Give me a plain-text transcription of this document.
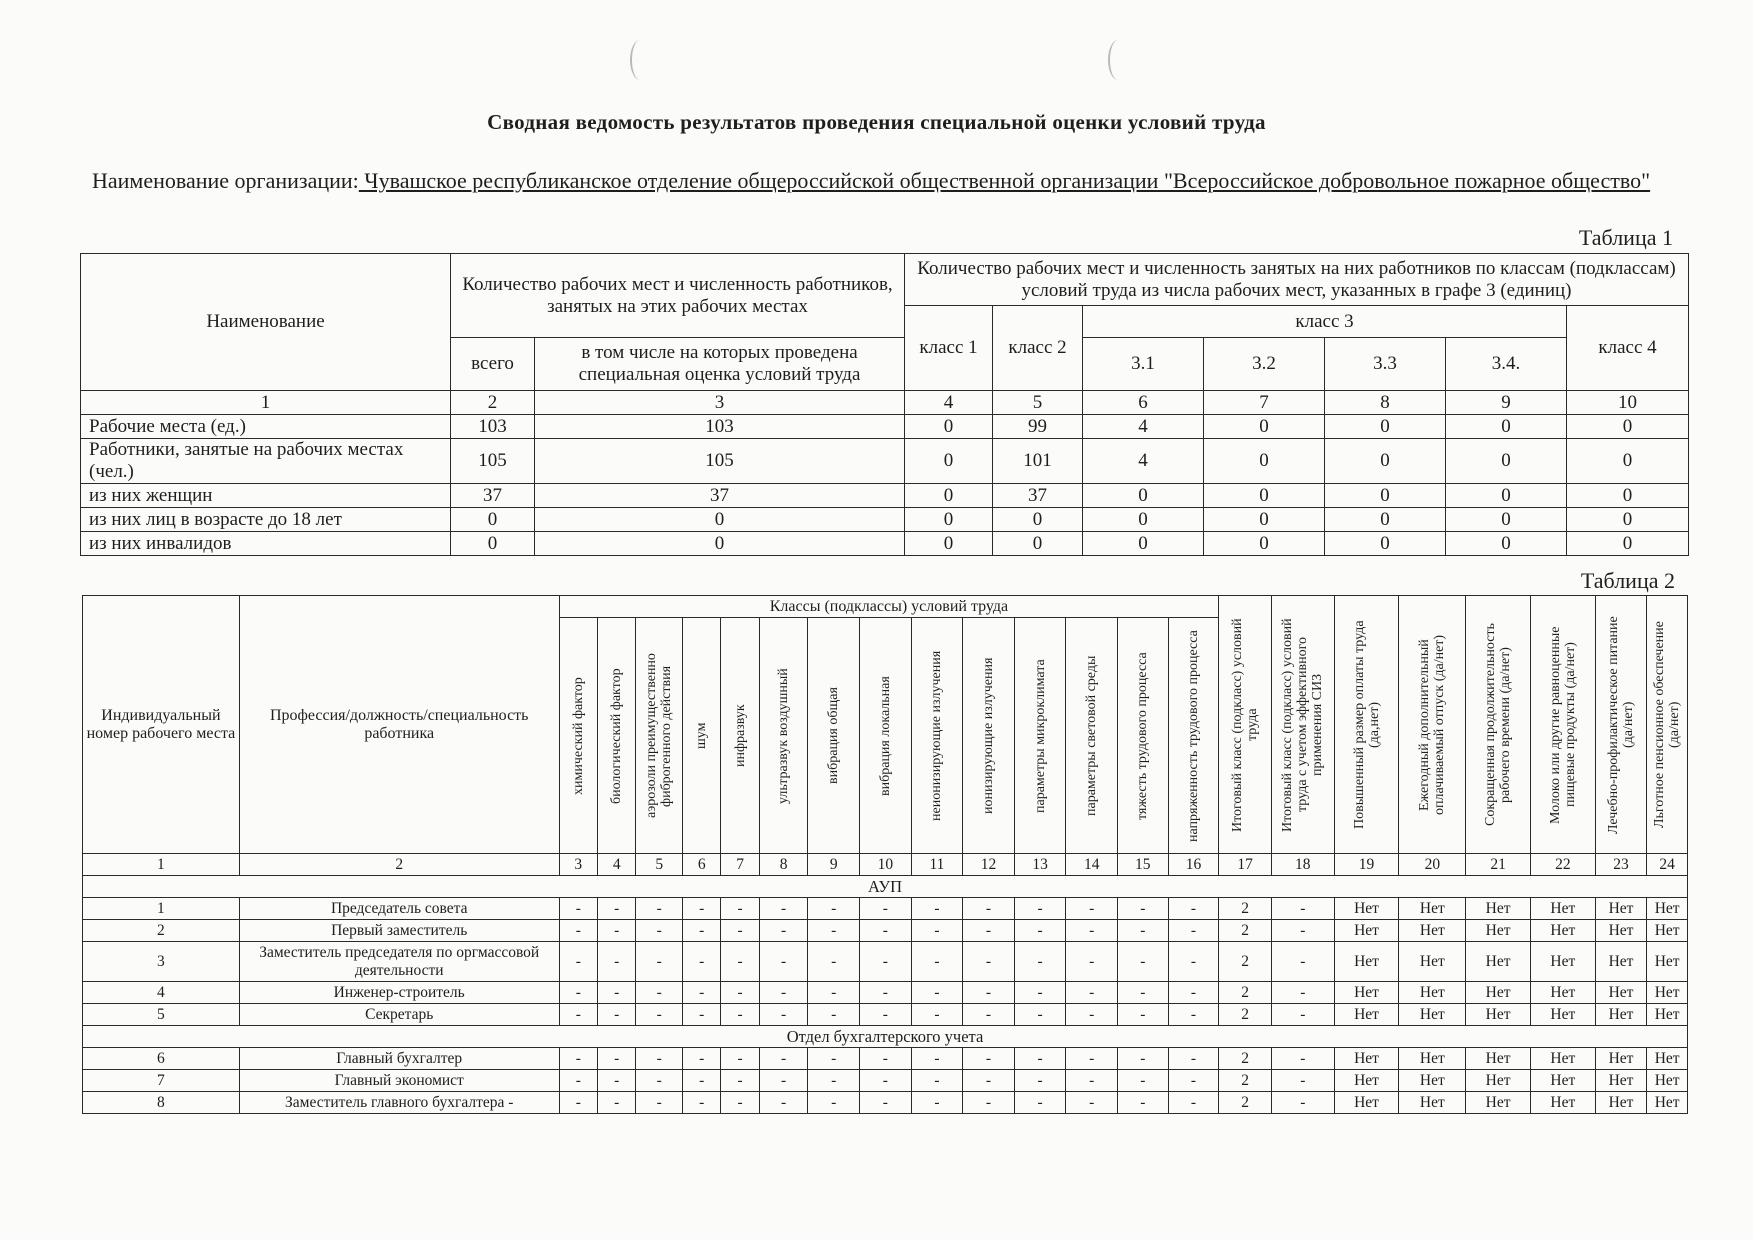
Сводная ведомость результатов проведения специальной оценки условий труда
Наименование организации: Чувашское республиканское отделение общероссийской общественной организации "Всероссийское добровольное пожарное общество"
Таблица 1
Наименование	Количество рабочих мест и численность работников, занятых на этих рабочих местах		Количество рабочих мест и численность занятых на них работников по классам (подклассам) условий труда из числа рабочих мест, указанных в графе 3 (единиц)						
			класс 1	класс 2	класс 3				класс 4
	всего	в том числе на которых проведена специальная оценка условий труда			3.1	3.2	3.3	3.4.	
1	2	3	4	5	6	7	8	9	10
Рабочие места (ед.)	103	103	0	99	4	0	0	0	0
Работники, занятые на рабочих местах (чел.)	105	105	0	101	4	0	0	0	0
из них женщин	37	37	0	37	0	0	0	0	0
из них лиц в возрасте до 18 лет	0	0	0	0	0	0	0	0	0
из них инвалидов	0	0	0	0	0	0	0	0	0
Таблица 2
Индивидуальный номер рабочего места	Профессия/должность/специальность работника	Классы (подклассы) условий труда														Итоговый класс (подкласс) условий труда	Итоговый класс (подкласс) условий труда с учетом эффективного применения СИЗ	Повышенный размер оплаты труда (да,нет)	Ежегодный дополнительный оплачиваемый отпуск (да/нет)	Сокращенная продолжительность рабочего времени (да/нет)	Молоко или другие равноценные пищевые продукты (да/нет)	Лечебно-профилактическое питание (да/нет)	Льготное пенсионное обеспечение (да/нет)

		химический фактор	биологический фактор	аэрозоли преимущественно фиброгенного действия	шум	инфразвук	ультразвук воздушный	вибрация общая	вибрация локальная	неионизирующие излучения	ионизирующие излучения	параметры микроклимата	параметры световой среды	тяжесть трудового процесса	напряженность трудового процесса								

1	2	3	4	5	6	7	8	9	10	11	12	13	14	15	16	17	18	19	20	21	22	23	24
АУП																							
1	Председатель совета	-	-	-	-	-	-	-	-	-	-	-	-	-	-	2	-	Нет	Нет	Нет	Нет	Нет	Нет
2	Первый заместитель	-	-	-	-	-	-	-	-	-	-	-	-	-	-	2	-	Нет	Нет	Нет	Нет	Нет	Нет
3	Заместитель председателя по оргмассовой деятельности	-	-	-	-	-	-	-	-	-	-	-	-	-	-	2	-	Нет	Нет	Нет	Нет	Нет	Нет
4	Инженер-строитель	-	-	-	-	-	-	-	-	-	-	-	-	-	-	2	-	Нет	Нет	Нет	Нет	Нет	Нет
5	Секретарь	-	-	-	-	-	-	-	-	-	-	-	-	-	-	2	-	Нет	Нет	Нет	Нет	Нет	Нет
Отдел бухгалтерского учета																							
6	Главный бухгалтер	-	-	-	-	-	-	-	-	-	-	-	-	-	-	2	-	Нет	Нет	Нет	Нет	Нет	Нет
7	Главный экономист	-	-	-	-	-	-	-	-	-	-	-	-	-	-	2	-	Нет	Нет	Нет	Нет	Нет	Нет
8	Заместитель главного бухгалтера -	-	-	-	-	-	-	-	-	-	-	-	-	-	-	2	-	Нет	Нет	Нет	Нет	Нет	Нет
